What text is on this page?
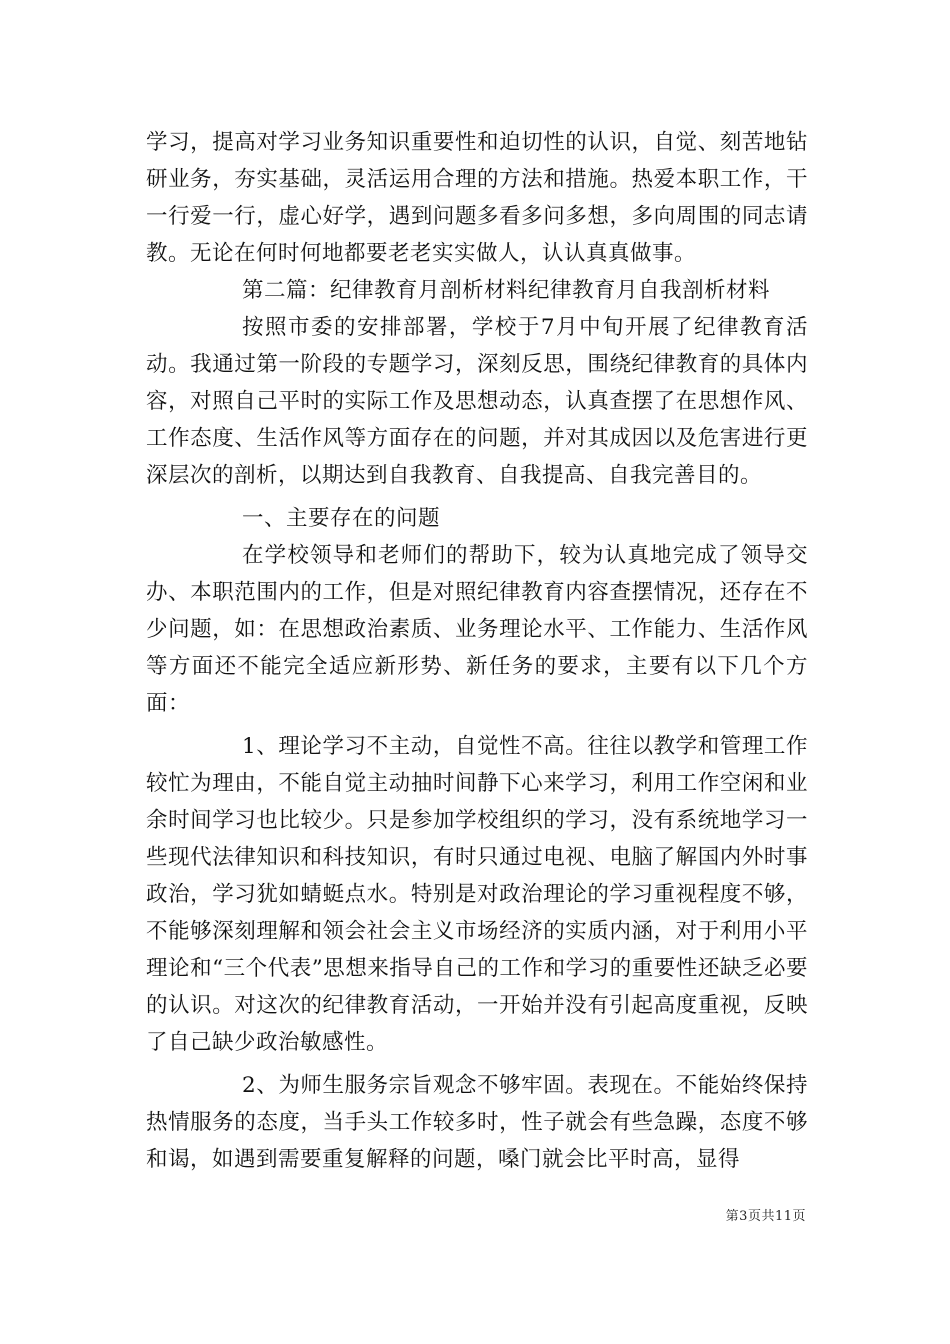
学习，提高对学习业务知识重要性和迫切性的认识，自觉、刻苦地钻研业务，夯实基础，灵活运用合理的方法和措施。热爱本职工作，干一行爱一行，虚心好学，遇到问题多看多问多想，多向周围的同志请教。无论在何时何地都要老老实实做人，认认真真做事。

第二篇：纪律教育月剖析材料纪律教育月自我剖析材料

按照市委的安排部署，学校于7月中旬开展了纪律教育活动。我通过第一阶段的专题学习，深刻反思，围绕纪律教育的具体内容，对照自己平时的实际工作及思想动态，认真查摆了在思想作风、工作态度、生活作风等方面存在的问题，并对其成因以及危害进行更深层次的剖析，以期达到自我教育、自我提高、自我完善目的。

一、主要存在的问题

在学校领导和老师们的帮助下，较为认真地完成了领导交办、本职范围内的工作，但是对照纪律教育内容查摆情况，还存在不少问题，如：在思想政治素质、业务理论水平、工作能力、生活作风等方面还不能完全适应新形势、新任务的要求，主要有以下几个方面：

1、理论学习不主动，自觉性不高。往往以教学和管理工作较忙为理由，不能自觉主动抽时间静下心来学习，利用工作空闲和业余时间学习也比较少。只是参加学校组织的学习，没有系统地学习一些现代法律知识和科技知识，有时只通过电视、电脑了解国内外时事政治，学习犹如蜻蜓点水。特别是对政治理论的学习重视程度不够，不能够深刻理解和领会社会主义市场经济的实质内涵，对于利用小平理论和“三个代表”思想来指导自己的工作和学习的重要性还缺乏必要的认识。对这次的纪律教育活动，一开始并没有引起高度重视，反映了自己缺少政治敏感性。

2、为师生服务宗旨观念不够牢固。表现在。不能始终保持热情服务的态度，当手头工作较多时，性子就会有些急躁，态度不够和谒，如遇到需要重复解释的问题，嗓门就会比平时高，显得

第3页共11页
